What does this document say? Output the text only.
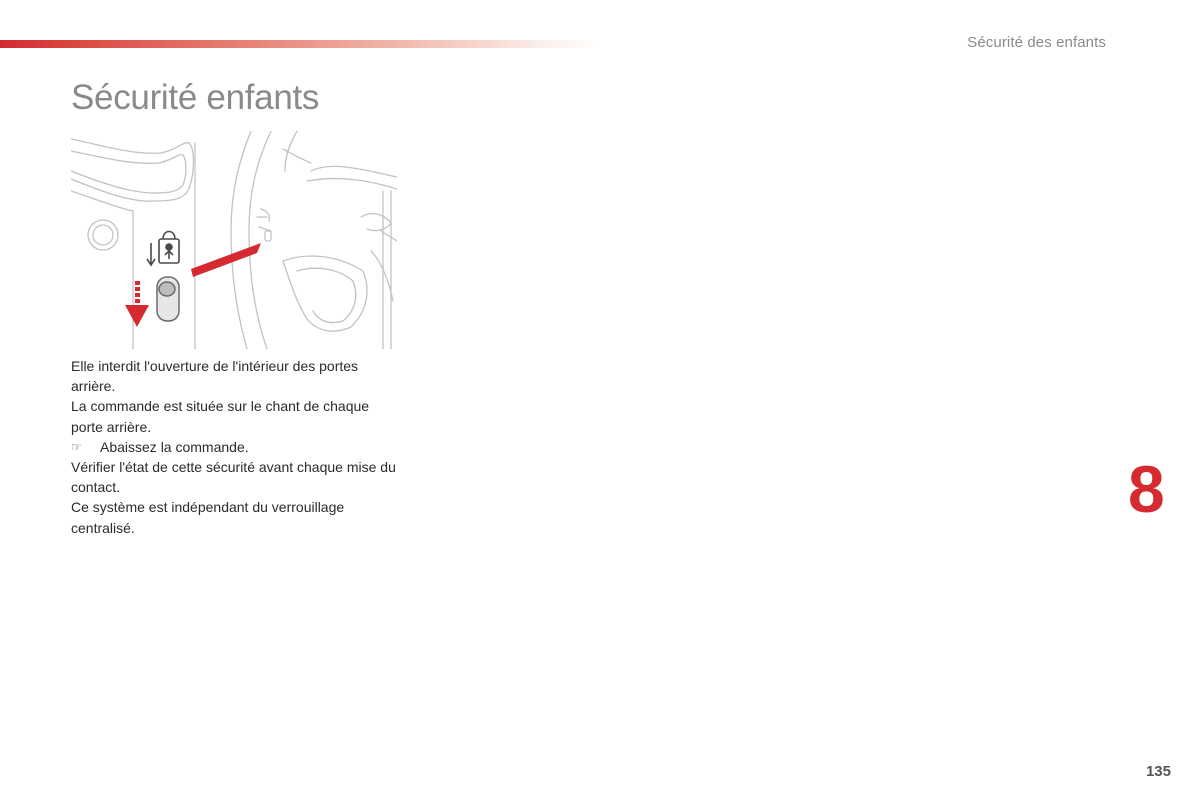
Sécurité des enfants
Sécurité enfants

Elle interdit l'ouverture de l'intérieur des portes arrière.

La commande est située sur le chant de chaque porte arrière.

☞	Abaissez la commande.

Vérifier l'état de cette sécurité avant chaque mise du contact.

Ce système est indépendant du verrouillage centralisé.

8
135
